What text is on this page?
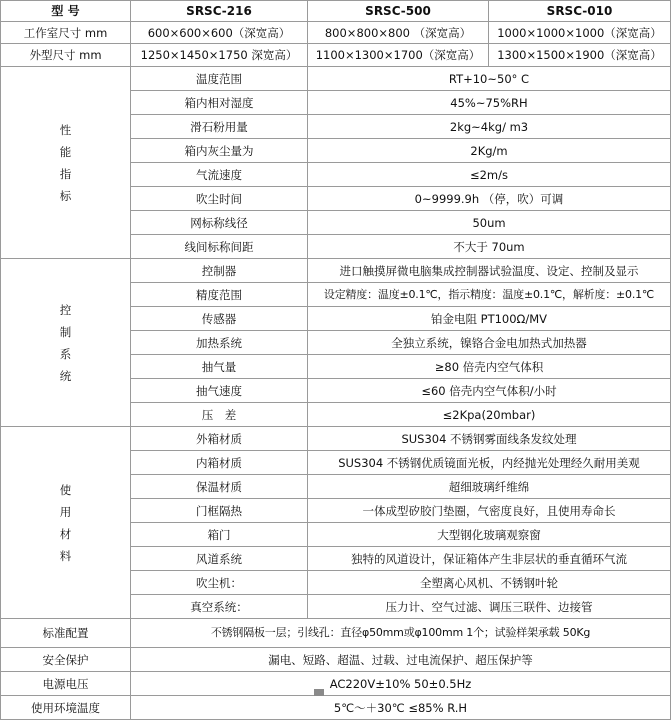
型 号	SRSC-216	SRSC-500	SRSC-010
工作室尺寸 mm	600×600×600（深宽高）	800×800×800 （深宽高）	1000×1000×1000（深宽高）
外型尺寸 mm	1250×1450×1750 深宽高）	1100×1300×1700（深宽高）	1300×1500×1900（深宽高）
性能指标	温度范围	RT+10~50° C	
	箱内相对湿度	45%~75%RH	
	滑石粉用量	2kg~4kg/ m3	
	箱内灰尘量为	2Kg/m	
	气流速度	≤2m/s	
	吹尘时间	0~9999.9h （停，吹）可调	
	网标称线径	50um	
	线间标称间距	不大于 70um	
控制系统	控制器	进口触摸屏微电脑集成控制器试验温度、设定、控制及显示	
	精度范围	设定精度：温度±0.1℃，指示精度：温度±0.1℃，解析度：±0.1℃	
	传感器	铂金电阻 PT100Ω/MV	
	加热系统	全独立系统，镍铬合金电加热式加热器	
	抽气量	≥80 倍壳内空气体积	
	抽气速度	≤60 倍壳内空气体积/小时	
	压　差	≤2Kpa(20mbar)	
使用材料	外箱材质	SUS304 不锈钢雾面线条发纹处理	
	内箱材质	SUS304 不锈钢优质镜面光板，内经抛光处理经久耐用美观	
	保温材质	超细玻璃纤维绵	
	门框隔热	一体成型矽胶门垫圈，气密度良好，且使用寿命长	
	箱门	大型钢化玻璃观察窗	
	风道系统	独特的风道设计，保证箱体产生非层状的垂直循环气流	
	吹尘机：	全塑离心风机、不锈钢叶轮	
	真空系统：	压力计、空气过滤、调压三联件、边接管	
标准配置	不锈钢隔板一层；引线孔：直径φ50mm或φ100mm 1个；试验样架承载 50Kg		
安全保护	漏电、短路、超温、过载、过电流保护、超压保护等		
电源电压	AC220V±10% 50±0.5Hz		
使用环境温度	5℃～＋30℃ ≤85% R.H		
